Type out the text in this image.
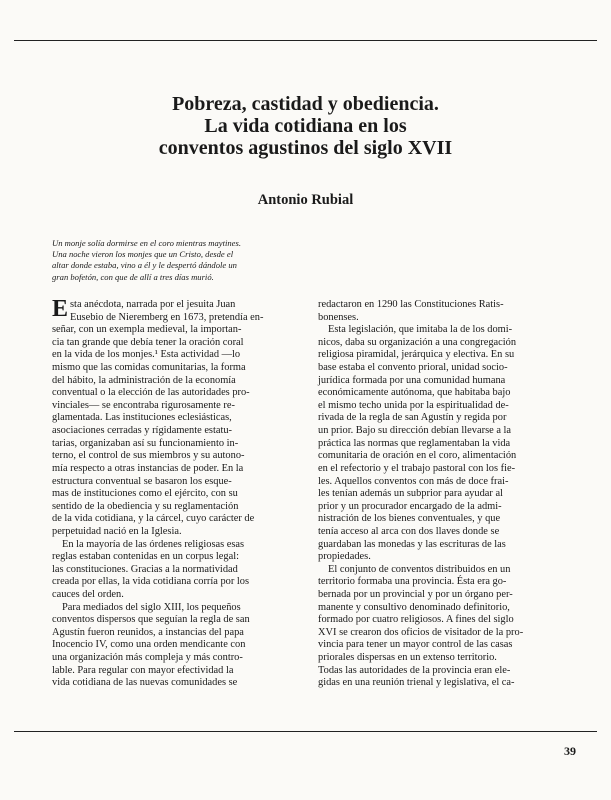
Pobreza, castidad y obediencia.
La vida cotidiana en los
conventos agustinos del siglo XVII
Antonio Rubial
Un monje solía dormirse en el coro mientras maytines.
Una noche vieron los monjes que un Cristo, desde el
altar donde estaba, vino a él y le despertó dándole un
gran bofetón, con que de allí a tres días murió.
E sta anécdota, narrada por el jesuita Juan
Eusebio de Nieremberg en 1673, pretendía en-
señar, con un exempla medieval, la importan-
cia tan grande que debía tener la oración coral
en la vida de los monjes.¹ Esta actividad —lo
mismo que las comidas comunitarias, la forma
del hábito, la administración de la economía
conventual o la elección de las autoridades pro-
vinciales— se encontraba rigurosamente re-
glamentada. Las instituciones eclesiásticas,
asociaciones cerradas y rígidamente estatu-
tarias, organizaban así su funcionamiento in-
terno, el control de sus miembros y su autono-
mía respecto a otras instancias de poder. En la
estructura conventual se basaron los esque-
mas de instituciones como el ejército, con su
sentido de la obediencia y su reglamentación
de la vida cotidiana, y la cárcel, cuyo carácter de
perpetuidad nació en la Iglesia.
En la mayoría de las órdenes religiosas esas
reglas estaban contenidas en un corpus legal:
las constituciones. Gracias a la normatividad
creada por ellas, la vida cotidiana corría por los
cauces del orden.
Para mediados del siglo XIII, los pequeños
conventos dispersos que seguían la regla de san
Agustín fueron reunidos, a instancias del papa
Inocencio IV, como una orden mendicante con
una organización más compleja y más contro-
lable. Para regular con mayor efectividad la
vida cotidiana de las nuevas comunidades se
redactaron en 1290 las Constituciones Ratis-
bonenses.
Esta legislación, que imitaba la de los domi-
nicos, daba su organización a una congregación
religiosa piramidal, jerárquica y electiva. En su
base estaba el convento prioral, unidad socio-
jurídica formada por una comunidad humana
económicamente autónoma, que habitaba bajo
el mismo techo unida por la espiritualidad de-
rivada de la regla de san Agustín y regida por
un prior. Bajo su dirección debían llevarse a la
práctica las normas que reglamentaban la vida
comunitaria de oración en el coro, alimentación
en el refectorio y el trabajo pastoral con los fie-
les. Aquellos conventos con más de doce frai-
les tenían además un subprior para ayudar al
prior y un procurador encargado de la admi-
nistración de los bienes conventuales, y que
tenía acceso al arca con dos llaves donde se
guardaban las monedas y las escrituras de las
propiedades.
El conjunto de conventos distribuidos en un
territorio formaba una provincia. Ésta era go-
bernada por un provincial y por un órgano per-
manente y consultivo denominado definitorio,
formado por cuatro religiosos. A fines del siglo
XVI se crearon dos oficios de visitador de la pro-
vincia para tener un mayor control de las casas
priorales dispersas en un extenso territorio.
Todas las autoridades de la provincia eran ele-
gidas en una reunión trienal y legislativa, el ca-
39
